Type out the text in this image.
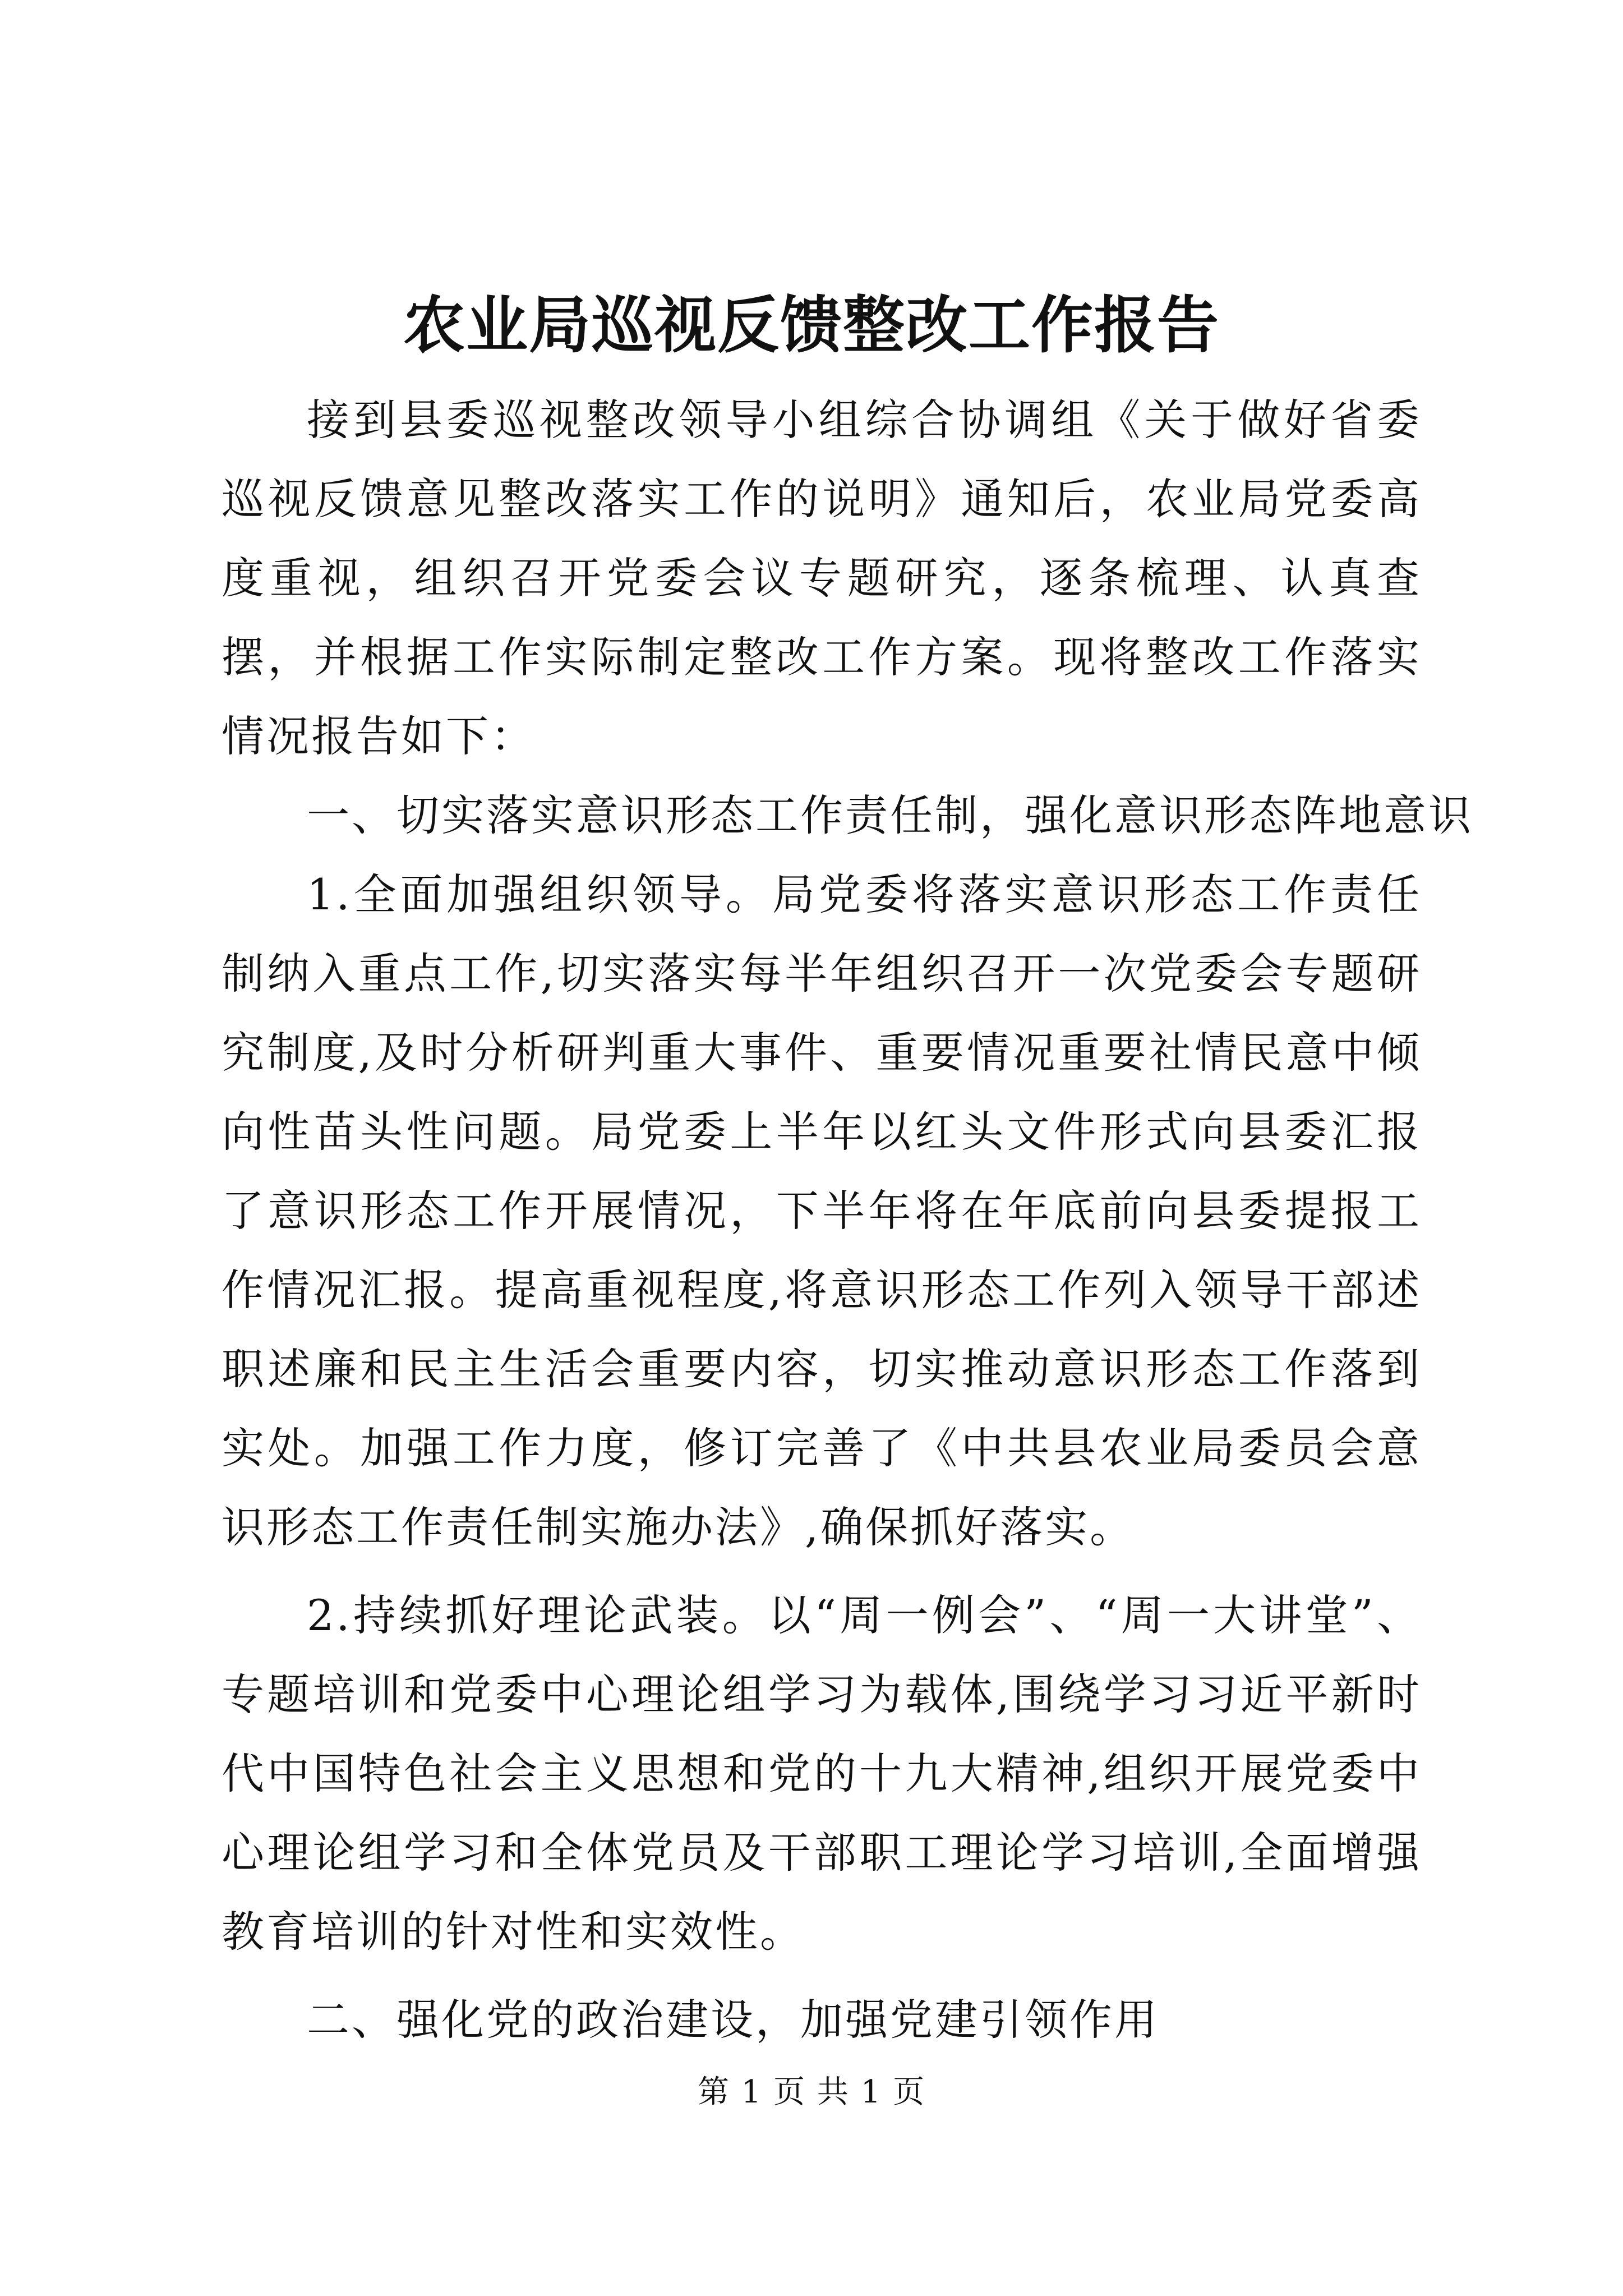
农业局巡视反馈整改工作报告

接到县委巡视整改领导小组综合协调组《关于做好省委巡视反馈意见整改落实工作的说明》通知后，农业局党委高度重视，组织召开党委会议专题研究，逐条梳理、认真查摆，并根据工作实际制定整改工作方案。现将整改工作落实情况报告如下：

一、切实落实意识形态工作责任制，强化意识形态阵地意识

1.全面加强组织领导。局党委将落实意识形态工作责任制纳入重点工作,切实落实每半年组织召开一次党委会专题研究制度,及时分析研判重大事件、重要情况重要社情民意中倾向性苗头性问题。局党委上半年以红头文件形式向县委汇报了意识形态工作开展情况，下半年将在年底前向县委提报工作情况汇报。提高重视程度,将意识形态工作列入领导干部述职述廉和民主生活会重要内容，切实推动意识形态工作落到实处。加强工作力度，修订完善了《中共县农业局委员会意识形态工作责任制实施办法》,确保抓好落实。

2.持续抓好理论武装。以“周一例会”、“周一大讲堂”、专题培训和党委中心理论组学习为载体,围绕学习习近平新时代中国特色社会主义思想和党的十九大精神,组织开展党委中心理论组学习和全体党员及干部职工理论学习培训,全面增强教育培训的针对性和实效性。

二、强化党的政治建设，加强党建引领作用

第 1 页 共 1 页
